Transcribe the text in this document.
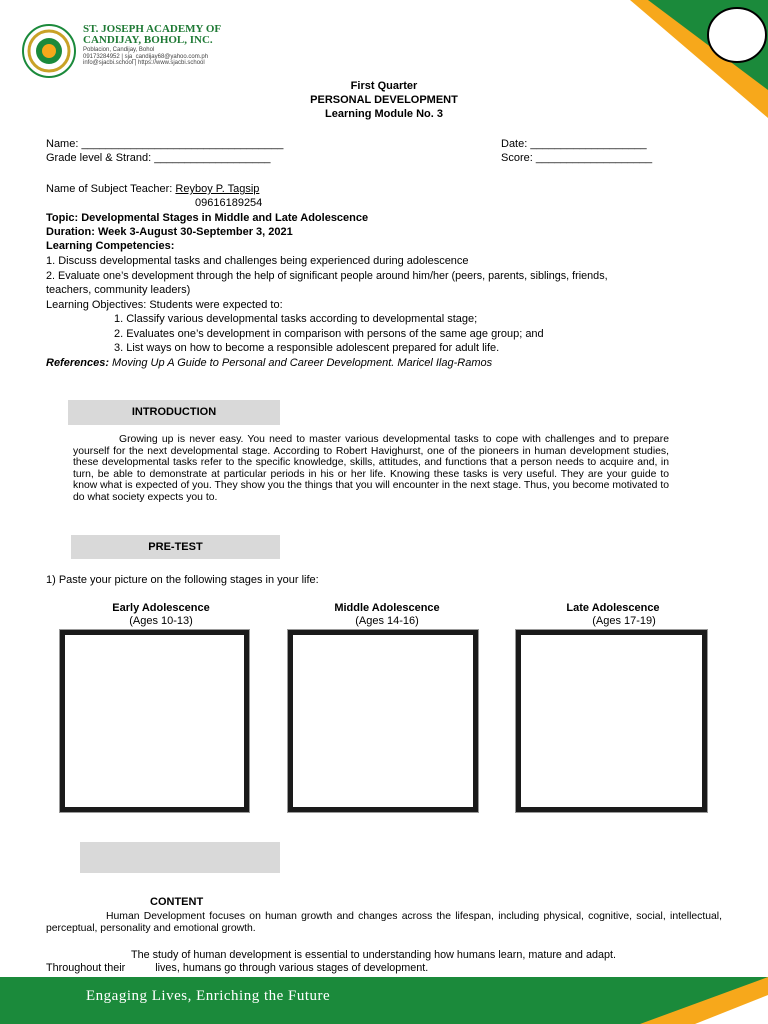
ST. JOSEPH ACADEMY OF
CANDIJAY, BOHOL, INC.
Poblacion, Candijay, Bohol
09173284952 | sja_candijay68@yahoo.com.ph
info@sjacbi.school | https://www.sjacbi.school
First Quarter
PERSONAL DEVELOPMENT
Learning Module No. 3
Name: _________________________________
Grade level & Strand: ___________________
Date: ___________________
Score: ___________________
Name of Subject Teacher: Reyboy P. Tagsip
09616189254
Topic: Developmental Stages in Middle and Late Adolescence
Duration: Week 3-August 30-September 3, 2021
Learning Competencies:
1. Discuss developmental tasks and challenges being experienced during adolescence
2. Evaluate one’s development through the help of significant people around him/her (peers, parents, siblings, friends,
teachers, community leaders)
Learning Objectives: Students were expected to:
1. Classify various developmental tasks according to developmental stage;
2. Evaluates one’s development in comparison with persons of the same age group; and
3. List ways on how to become a responsible adolescent prepared for adult life.
References: Moving Up A Guide to Personal and Career Development. Maricel Ilag-Ramos
INTRODUCTION
Growing up is never easy. You need to master various developmental tasks to cope with challenges and to prepare yourself for the next developmental stage. According to Robert Havighurst, one of the pioneers in human development studies, these developmental tasks refer to the specific knowledge, skills, attitudes, and functions that a person needs to acquire and, in turn, be able to demonstrate at particular periods in his or her life. Knowing these tasks is very useful. They are your guide to know what is expected of you. They show you the things that you will encounter in the next stage. Thus, you become motivated to do what society expects you to.
PRE-TEST
1) Paste your picture on the following stages in your life:
Early Adolescence
(Ages 10-13)
Middle Adolescence
(Ages 14-16)
Late Adolescence
(Ages 17-19)
CONTENT
Human Development focuses on human growth and changes across the lifespan, including physical, cognitive, social, intellectual, perceptual, personality and emotional growth.
The study of human development is essential to understanding how humans learn, mature and adapt.
Throughout their          lives, humans go through various stages of development.
Engaging Lives, Enriching the Future
